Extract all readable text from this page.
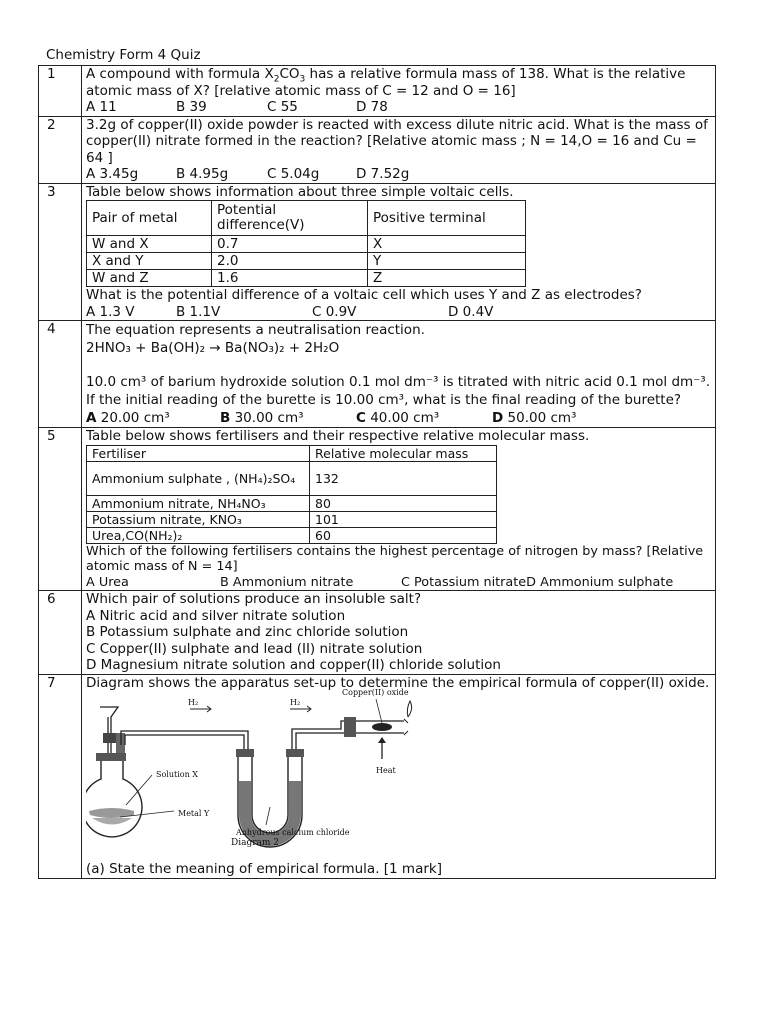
Chemistry Form 4 Quiz
1	A compound with formula $X_2CO_3$ has a relative formula mass of 138. What is the relative atomic mass of X? [relative atomic mass of C = 12 and O = 16]
A 11	B 39	C 55	D 78

2	3.2g of copper(II) oxide powder is reacted with excess dilute nitric acid. What is the mass of copper(II) nitrate formed in the reaction? [Relative atomic mass ; N = 14,O = 16 and Cu = 64 ]
A 3.45g	B 4.95g	C 5.04g	D 7.52g

3	Table below shows information about three simple voltaic cells.
Pair of metal	Potential difference(V)	Positive terminal
W and X	0.7	X
X and Y	2.0	Y
W and Z	1.6	Z
What is the potential difference of a voltaic cell which uses Y and Z as electrodes?
A 1.3 V	B 1.1V	C 0.9V	D 0.4V

4	The equation represents a neutralisation reaction.
2HNO₃ + Ba(OH)₂ → Ba(NO₃)₂ + 2H₂O
10.0 cm³ of barium hydroxide solution 0.1 mol dm⁻³ is titrated with nitric acid 0.1 mol dm⁻³. If the initial reading of the burette is 10.00 cm³, what is the final reading of the burette?
A 20.00 cm³	B 30.00 cm³	C 40.00 cm³	D 50.00 cm³

5	Table below shows fertilisers and their respective relative molecular mass.
Fertiliser	Relative molecular mass
Ammonium sulphate , (NH₄)₂SO₄	132
Ammonium nitrate, NH₄NO₃	80
Potassium nitrate, KNO₃	101
Urea,CO(NH₂)₂	60
Which of the following fertilisers contains the highest percentage of nitrogen by mass? [Relative atomic mass of N = 14]
A Urea	B Ammonium nitrate	C Potassium nitrateD Ammonium sulphate

6	Which pair of solutions produce an insoluble salt?
A Nitric acid and silver nitrate solution
B Potassium sulphate and zinc chloride solution
C Copper(II) sulphate and lead (II) nitrate solution
D Magnesium nitrate solution and copper(II) chloride solution

7	Diagram shows the apparatus set-up to determine the empirical formula of copper(II) oxide.
H₂	H₂
Copper(II) oxide
Heat
Solution X
Metal Y
Anhydrous calcium chloride
Diagram 2
(a) State the meaning of empirical formula. [1 mark]
